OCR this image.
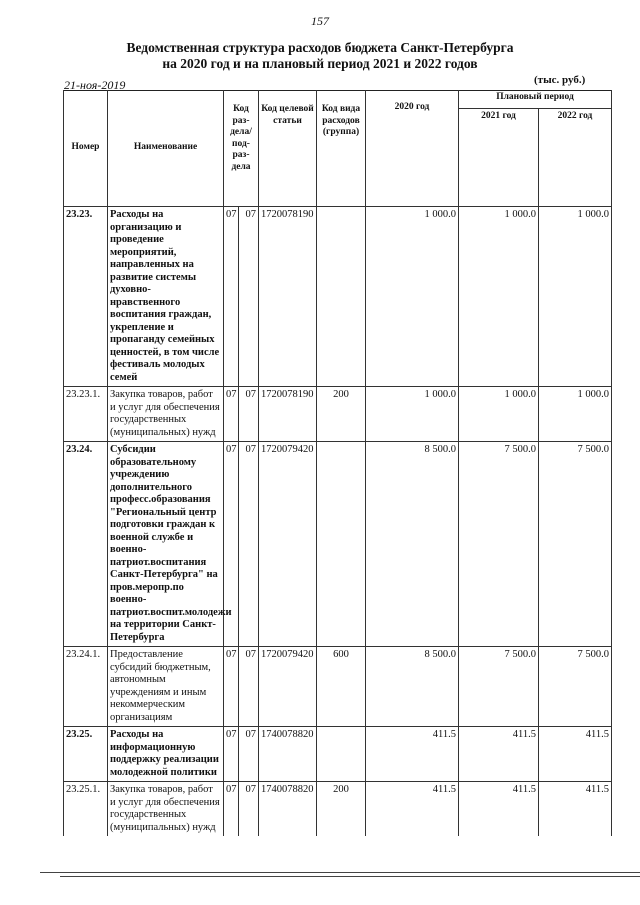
157
Ведомственная структура расходов бюджета Санкт-Петербурга
на 2020 год и на плановый период 2021 и 2022 годов
21-ноя-2019	(тыс. руб.)
Номер	Наименование	Код раз-дела/ под-раз-дела		Код целевой статьи	Код вида расходов (группа)	2020 год	Плановый период	
							2021 год	2022 год
23.23.	Расходы на организацию и проведение мероприятий, направленных на развитие системы духовно-нравственного воспитания граждан, укрепление и пропаганду семейных ценностей, в том числе фестиваль молодых семей	07	07	1720078190		1 000.0	1 000.0	1 000.0
23.23.1.	Закупка товаров, работ и услуг для обеспечения государственных (муниципальных) нужд	07	07	1720078190	200	1 000.0	1 000.0	1 000.0
23.24.	Субсидии образовательному учреждению дополнительного професс.образования "Региональный центр подготовки граждан к военной службе и военно-патриот.воспитания Санкт-Петербурга" на пров.меропр.по военно-патриот.воспит.молодежи на территории Санкт-Петербурга	07	07	1720079420		8 500.0	7 500.0	7 500.0
23.24.1.	Предоставление субсидий бюджетным, автономным учреждениям и иным некоммерческим организациям	07	07	1720079420	600	8 500.0	7 500.0	7 500.0
23.25.	Расходы на информационную поддержку реализации молодежной политики	07	07	1740078820		411.5	411.5	411.5
23.25.1.	Закупка товаров, работ и услуг для обеспечения государственных (муниципальных) нужд	07	07	1740078820	200	411.5	411.5	411.5
